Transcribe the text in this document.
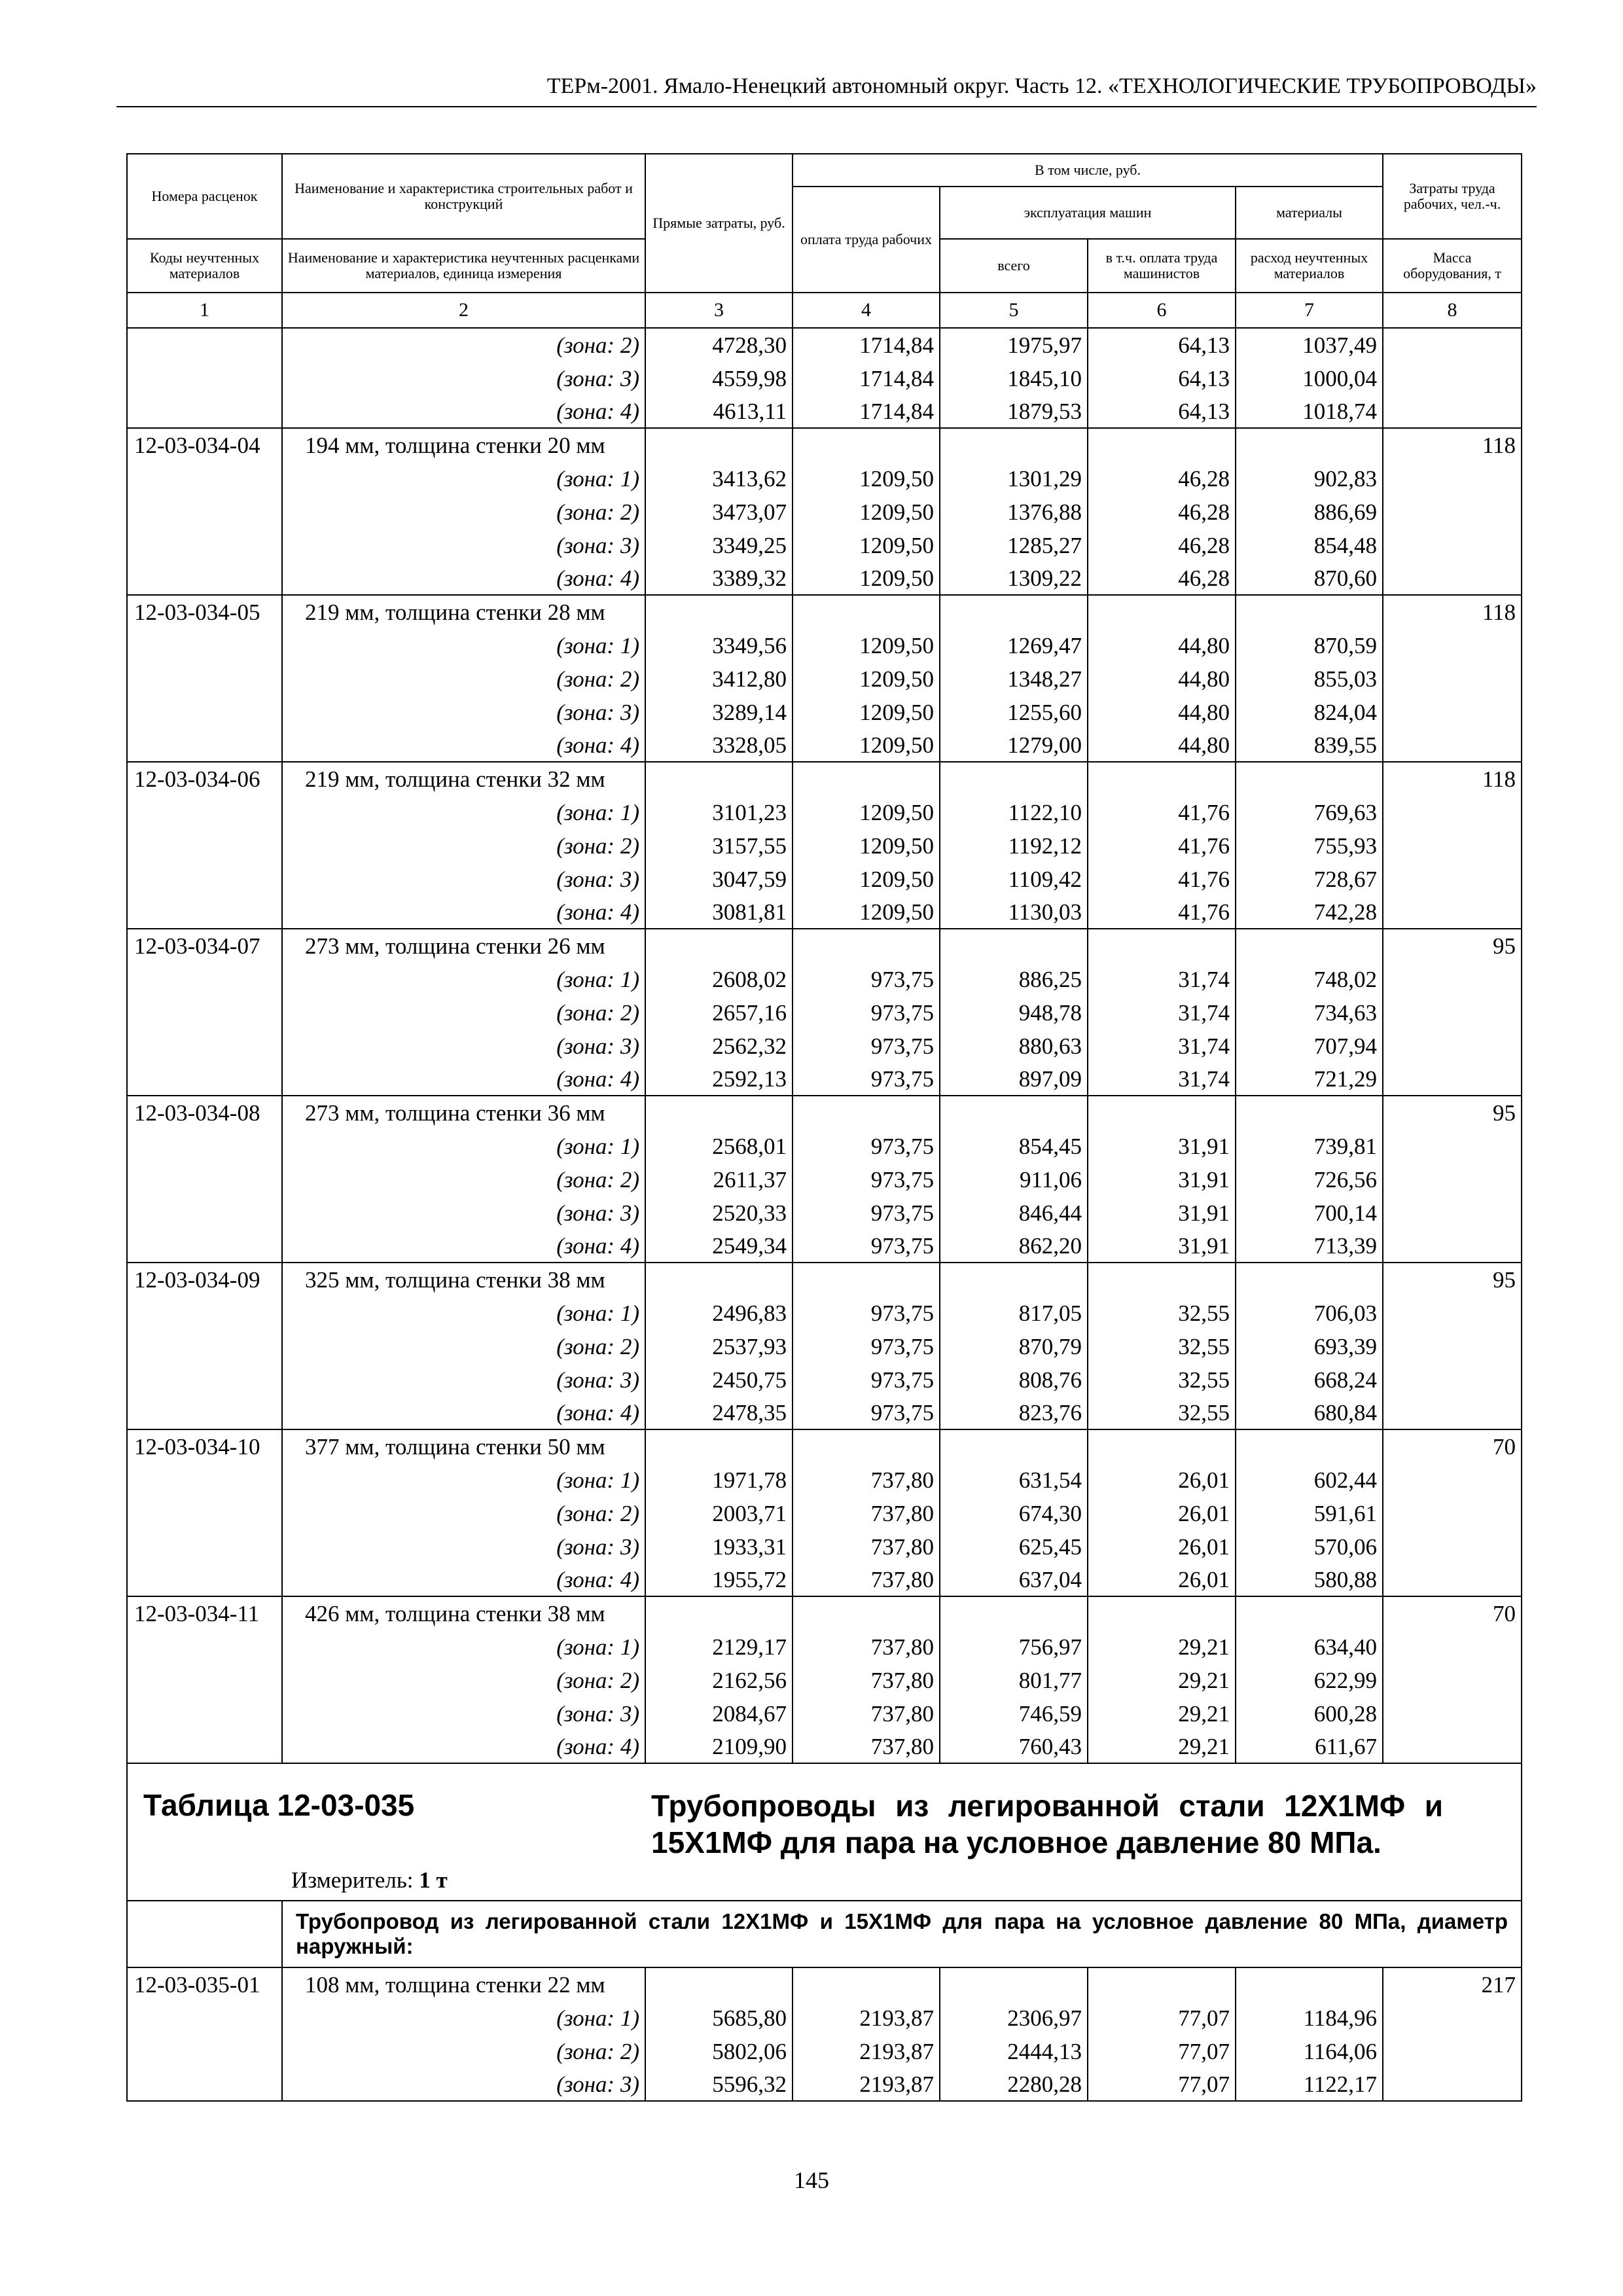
ТЕРм-2001. Ямало-Ненецкий автономный округ. Часть 12. «ТЕХНОЛОГИЧЕСКИЕ ТРУБОПРОВОДЫ»
Номера расценок	Наименование и характеристика строительных работ и конструкций	Прямые затраты, руб.	В том числе, руб.				Затраты труда рабочих, чел.-ч.
			оплата труда рабочих	эксплуатация машин		материалы	
Коды неучтенных материалов	Наименование и характеристика неучтенных расценками материалов, единица измерения			всего	в т.ч. оплата труда машинистов	расход неучтенных материалов	Масса оборудования, т
1	2	3	4	5	6	7	8
	(зона: 2)	4728,30	1714,84	1975,97	64,13	1037,49	
	(зона: 3)	4559,98	1714,84	1845,10	64,13	1000,04	
	(зона: 4)	4613,11	1714,84	1879,53	64,13	1018,74	
12-03-034-04	194 мм, толщина стенки 20 мм						118
	(зона: 1)	3413,62	1209,50	1301,29	46,28	902,83	
	(зона: 2)	3473,07	1209,50	1376,88	46,28	886,69	
	(зона: 3)	3349,25	1209,50	1285,27	46,28	854,48	
	(зона: 4)	3389,32	1209,50	1309,22	46,28	870,60	
12-03-034-05	219 мм, толщина стенки 28 мм						118
	(зона: 1)	3349,56	1209,50	1269,47	44,80	870,59	
	(зона: 2)	3412,80	1209,50	1348,27	44,80	855,03	
	(зона: 3)	3289,14	1209,50	1255,60	44,80	824,04	
	(зона: 4)	3328,05	1209,50	1279,00	44,80	839,55	
12-03-034-06	219 мм, толщина стенки 32 мм						118
	(зона: 1)	3101,23	1209,50	1122,10	41,76	769,63	
	(зона: 2)	3157,55	1209,50	1192,12	41,76	755,93	
	(зона: 3)	3047,59	1209,50	1109,42	41,76	728,67	
	(зона: 4)	3081,81	1209,50	1130,03	41,76	742,28	
12-03-034-07	273 мм, толщина стенки 26 мм						95
	(зона: 1)	2608,02	973,75	886,25	31,74	748,02	
	(зона: 2)	2657,16	973,75	948,78	31,74	734,63	
	(зона: 3)	2562,32	973,75	880,63	31,74	707,94	
	(зона: 4)	2592,13	973,75	897,09	31,74	721,29	
12-03-034-08	273 мм, толщина стенки 36 мм						95
	(зона: 1)	2568,01	973,75	854,45	31,91	739,81	
	(зона: 2)	2611,37	973,75	911,06	31,91	726,56	
	(зона: 3)	2520,33	973,75	846,44	31,91	700,14	
	(зона: 4)	2549,34	973,75	862,20	31,91	713,39	
12-03-034-09	325 мм, толщина стенки 38 мм						95
	(зона: 1)	2496,83	973,75	817,05	32,55	706,03	
	(зона: 2)	2537,93	973,75	870,79	32,55	693,39	
	(зона: 3)	2450,75	973,75	808,76	32,55	668,24	
	(зона: 4)	2478,35	973,75	823,76	32,55	680,84	
12-03-034-10	377 мм, толщина стенки 50 мм						70
	(зона: 1)	1971,78	737,80	631,54	26,01	602,44	
	(зона: 2)	2003,71	737,80	674,30	26,01	591,61	
	(зона: 3)	1933,31	737,80	625,45	26,01	570,06	
	(зона: 4)	1955,72	737,80	637,04	26,01	580,88	
12-03-034-11	426 мм, толщина стенки 38 мм						70
	(зона: 1)	2129,17	737,80	756,97	29,21	634,40	
	(зона: 2)	2162,56	737,80	801,77	29,21	622,99	
	(зона: 3)	2084,67	737,80	746,59	29,21	600,28	
	(зона: 4)	2109,90	737,80	760,43	29,21	611,67	

Таблица 12-03-035 Трубопроводы из легированной стали 12Х1МФ и 15Х1МФ для пара на условное давление 80 МПа.
Измеритель: 1 т							

	Трубопровод из легированной стали 12Х1МФ и 15Х1МФ для пара на условное давление 80 МПа, диаметр наружный:						
12-03-035-01	108 мм, толщина стенки 22 мм						217
	(зона: 1)	5685,80	2193,87	2306,97	77,07	1184,96	
	(зона: 2)	5802,06	2193,87	2444,13	77,07	1164,06	
	(зона: 3)	5596,32	2193,87	2280,28	77,07	1122,17	
145
